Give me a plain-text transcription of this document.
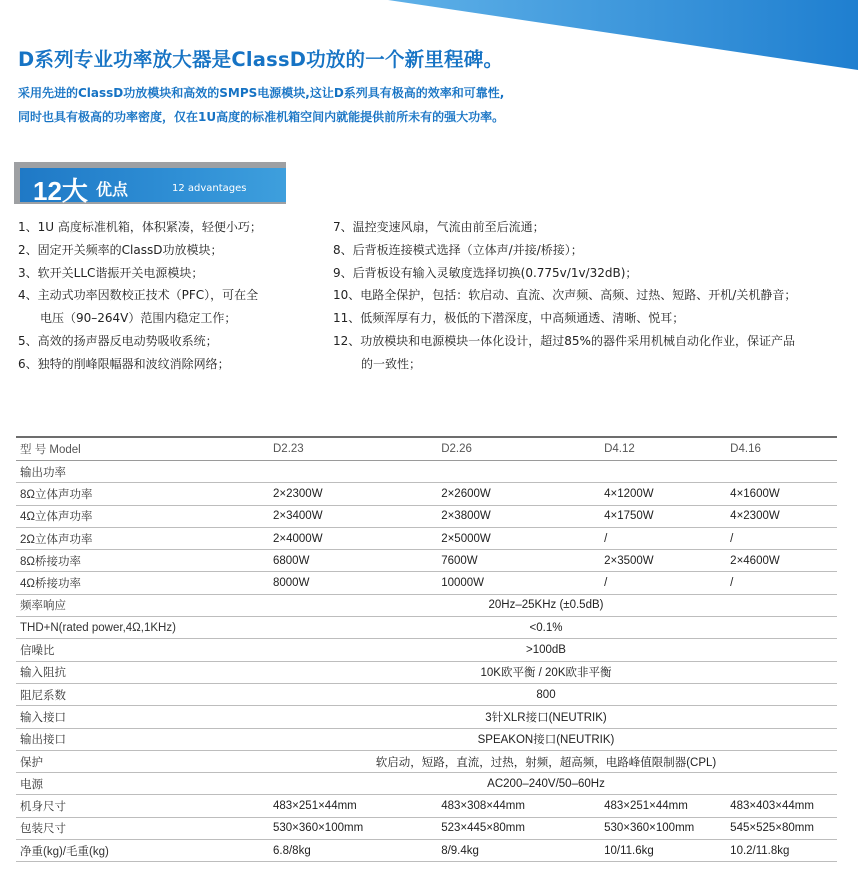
D系列专业功率放大器是ClassD功放的一个新里程碑。

采用先进的ClassD功放模块和高效的SMPS电源模块,这让D系列具有极高的效率和可靠性,

同时也具有极高的功率密度，仅在1U高度的标准机箱空间内就能提供前所未有的强大功率。

12大 优点	12 advantages
1、 1U 高度标准机箱，体积紧凑，轻便小巧；
2、 固定开关频率的ClassD功放模块；
3、 软开关LLC谐振开关电源模块；
4、 主动式功率因数校正技术（PFC），可在全
电压（90–264V）范围内稳定工作；
5、 高效的扬声器反电动势吸收系统；
6、 独特的削峰限幅器和波纹消除网络；
7、 温控变速风扇，气流由前至后流通；
8、 后背板连接模式选择（立体声/并接/桥接）；
9、 后背板设有输入灵敏度选择切换(0.775v/1v/32dB)；
10、 电路全保护，包括：软启动、直流、次声频、高频、过热、短路、开机/关机静音；
11、 低频浑厚有力，极低的下潜深度，中高频通透、清晰、悦耳；
12、 功放模块和电源模块一体化设计，超过85%的器件采用机械自动化作业，保证产品
的一致性；
型 号 Model	D2.23	D2.26	D4.12	D4.16
输出功率				
8Ω立体声功率	2×2300W	2×2600W	4×1200W	4×1600W
4Ω立体声功率	2×3400W	2×3800W	4×1750W	4×2300W
2Ω立体声功率	2×4000W	2×5000W	/	/
8Ω桥接功率	6800W	7600W	2×3500W	2×4600W
4Ω桥接功率	8000W	10000W	/	/
频率响应	20Hz–25KHz (±0.5dB)			
THD+N(rated power,4Ω,1KHz)	<0.1%			
信噪比	>100dB			
输入阻抗	10K欧平衡 / 20K欧非平衡			
阻尼系数	800			
输入接口	3针XLR接口(NEUTRIK)			
输出接口	SPEAKON接口(NEUTRIK)			
保护	软启动，短路，直流，过热，射频，超高频，电路峰值限制器(CPL)			
电源	AC200–240V/50–60Hz			
机身尺寸	483×251×44mm	483×308×44mm	483×251×44mm	483×403×44mm
包装尺寸	530×360×100mm	523×445×80mm	530×360×100mm	545×525×80mm
净重(kg)/毛重(kg)	6.8/8kg	8/9.4kg	10/11.6kg	10.2/11.8kg
